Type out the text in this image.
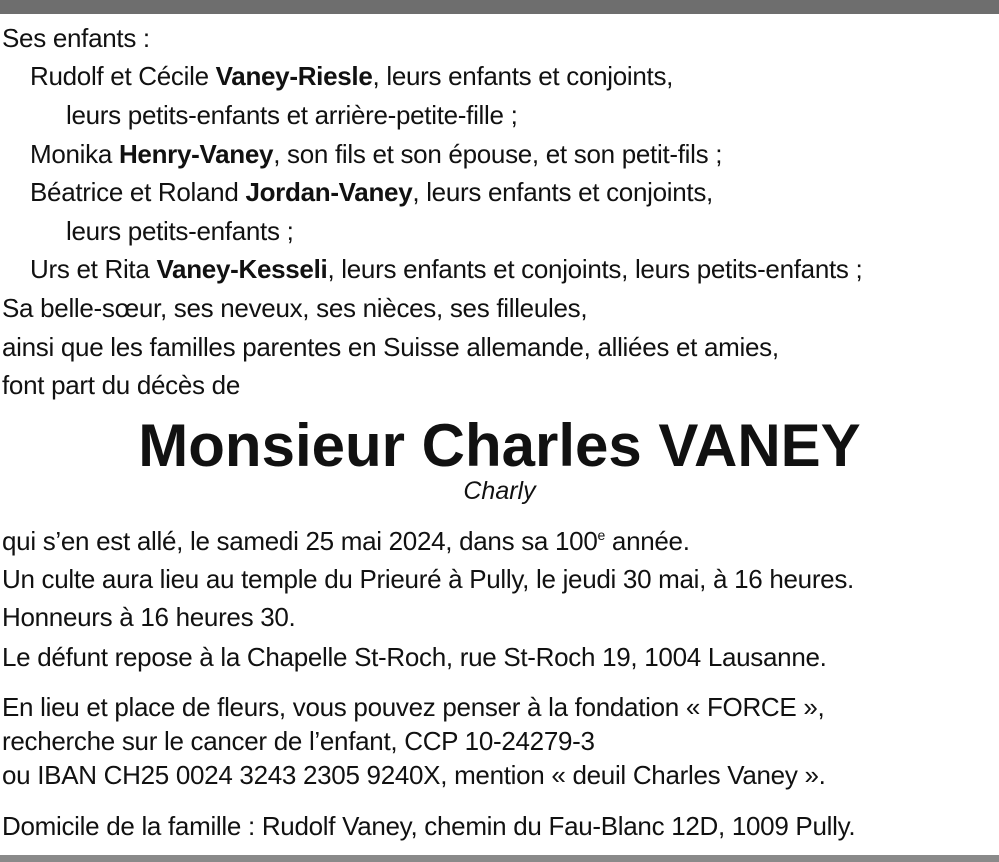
Ses enfants :
Rudolf et Cécile Vaney-Riesle, leurs enfants et conjoints,
leurs petits-enfants et arrière-petite-fille ;
Monika Henry-Vaney, son fils et son épouse, et son petit-fils ;
Béatrice et Roland Jordan-Vaney, leurs enfants et conjoints,
leurs petits-enfants ;
Urs et Rita Vaney-Kesseli, leurs enfants et conjoints, leurs petits-enfants ;
Sa belle-sœur, ses neveux, ses nièces, ses filleules,
ainsi que les familles parentes en Suisse allemande, alliées et amies,
font part du décès de
Monsieur Charles VANEY
Charly
qui s’en est allé, le samedi 25 mai 2024, dans sa 100e année.
Un culte aura lieu au temple du Prieuré à Pully, le jeudi 30 mai, à 16 heures.
Honneurs à 16 heures 30.
Le défunt repose à la Chapelle St-Roch, rue St-Roch 19, 1004 Lausanne.
En lieu et place de fleurs, vous pouvez penser à la fondation « FORCE »,
recherche sur le cancer de l’enfant, CCP 10-24279-3
ou IBAN CH25 0024 3243 2305 9240X, mention « deuil Charles Vaney ».
Domicile de la famille : Rudolf Vaney, chemin du Fau-Blanc 12D, 1009 Pully.
